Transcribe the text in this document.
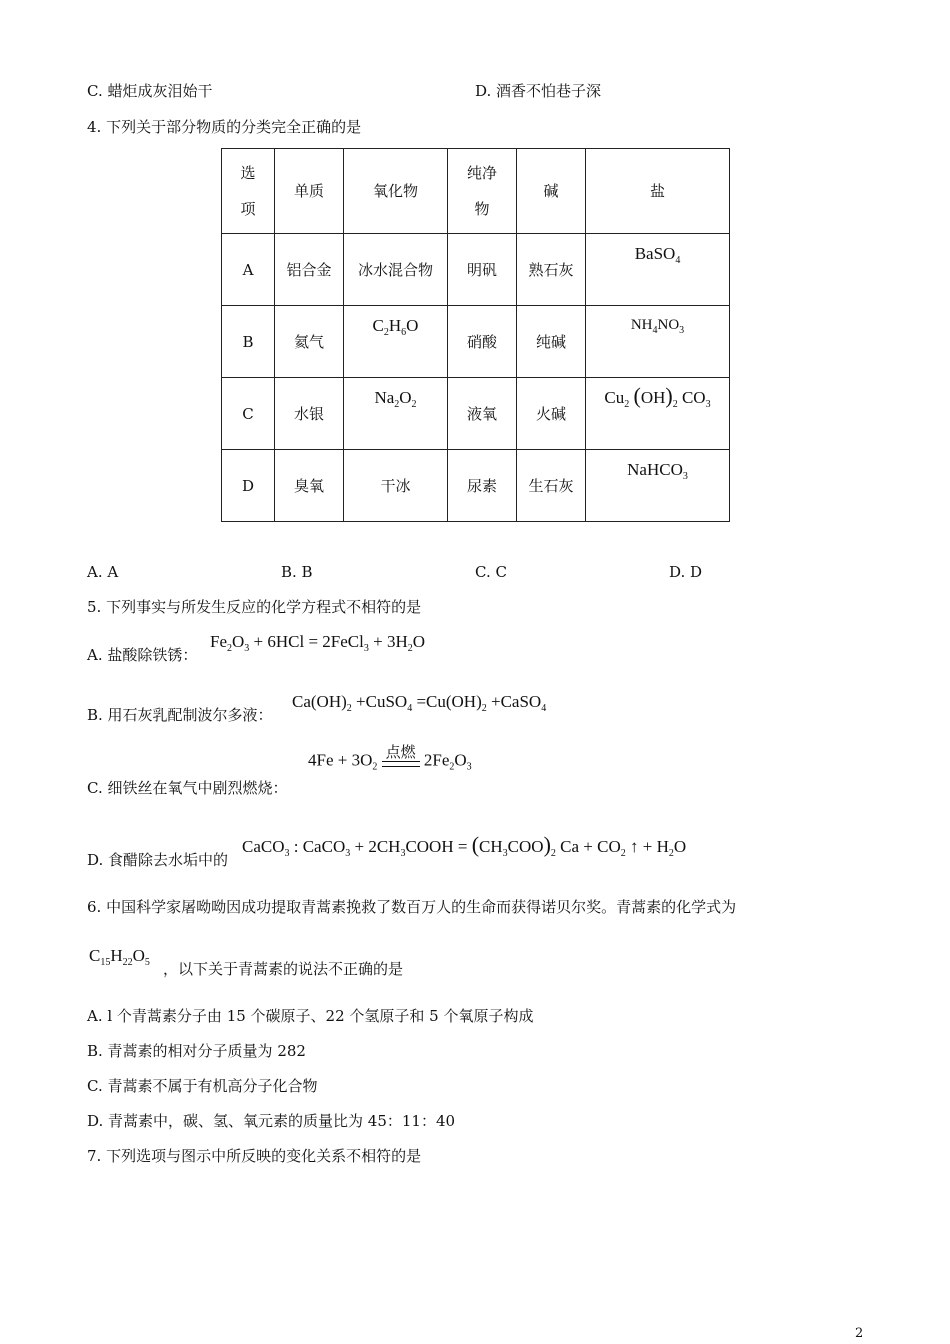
C. 蜡炬成灰泪始干	D. 酒香不怕巷子深
4. 下列关于部分物质的分类完全正确的是
选项	单质	氧化物	纯净物	碱	盐
A	铝合金	冰水混合物	明矾	熟石灰	BaSO$_4$
B	氦气	$C_2H_6O$	硝酸	纯碱	$NH_4NO_3$
C	水银	$Na_2O_2$	液氧	火碱	$Cu_2$ $(OH)_2$ $CO_3$
D	臭氧	干冰	尿素	生石灰	NaHCO$_3$
A. A	B. B	C. C	D. D
5. 下列事实与所发生反应的化学方程式不相符的是
A. 盐酸除铁锈：
$Fe_2O_3 + 6HCl$ = 2FeCl$_3$ + $3H_2O$
B. 用石灰乳配制波尔多液：
$Ca(OH)_2$ +CuSO$_4$ $=Cu(OH)_2$ +CaSO$_4$
C. 细铁丝在氧气中剧烈燃烧：
$4Fe + 3O_2$
点燃 $2Fe_2O_3$
D. 食醋除去水垢中的
CaCO$_3$ : CaCO$_3$ + $2CH_3COOH = (CH_3COO)_2$ $Ca + CO_2$ ↑ + $H_2O$
6. 中国科学家屠呦呦因成功提取青蒿素挽救了数百万人的生命而获得诺贝尔奖。青蒿素的化学式为
$C_{15}H_{22}O_5$ ，以下关于青蒿素的说法不正确的是
A. l 个青蒿素分子由 15 个碳原子、22 个氢原子和 5 个氧原子构成
B. 青蒿素的相对分子质量为 282
C. 青蒿素不属于有机高分子化合物
D. 青蒿素中，碳、氢、氧元素的质量比为 45：11：40
7. 下列选项与图示中所反映的变化关系不相符的是
2
